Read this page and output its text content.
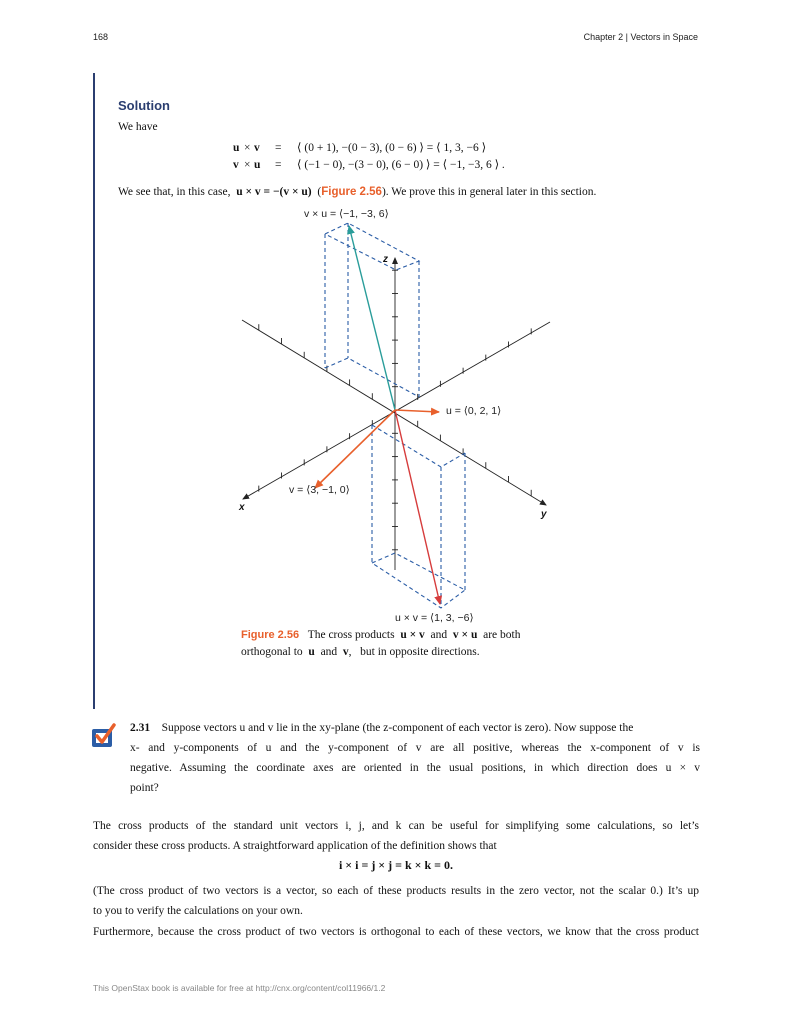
168	Chapter 2 | Vectors in Space
Solution
We have
u × v = ⟨ (0 + 1), −(0 − 3), (0 − 6) ⟩ = ⟨ 1, 3, −6 ⟩
v × u = ⟨ (−1 − 0), −(3 − 0), (6 − 0) ⟩ = ⟨ −1, −3, 6 ⟩ .
We see that, in this case, u × v = −(v × u)  (Figure 2.56). We prove this in general later in this section.
v × u = ⟨−1, −3, 6⟩
u = ⟨0, 2, 1⟩
v = ⟨3, −1, 0⟩
u × v = ⟨1, 3, −6⟩
x
y
z
Figure 2.56 The cross products u × v and v × u are both
orthogonal to u and v,   but in opposite directions.
2.31 Suppose vectors u and v lie in the xy-plane (the z-component of each vector is zero). Now suppose the
x- and y-components of u and the y-component of v are all positive, whereas the x-component of v is
negative. Assuming the coordinate axes are oriented in the usual positions, in which direction does u × v
point?
The cross products of the standard unit vectors i, j, and k can be useful for simplifying some calculations, so let’s
consider these cross products. A straightforward application of the definition shows that
i × i = j × j = k × k = 0.
(The cross product of two vectors is a vector, so each of these products results in the zero vector, not the scalar 0.) It’s up
to you to verify the calculations on your own.
Furthermore, because the cross product of two vectors is orthogonal to each of these vectors, we know that the cross product
This OpenStax book is available for free at http://cnx.org/content/col11966/1.2
